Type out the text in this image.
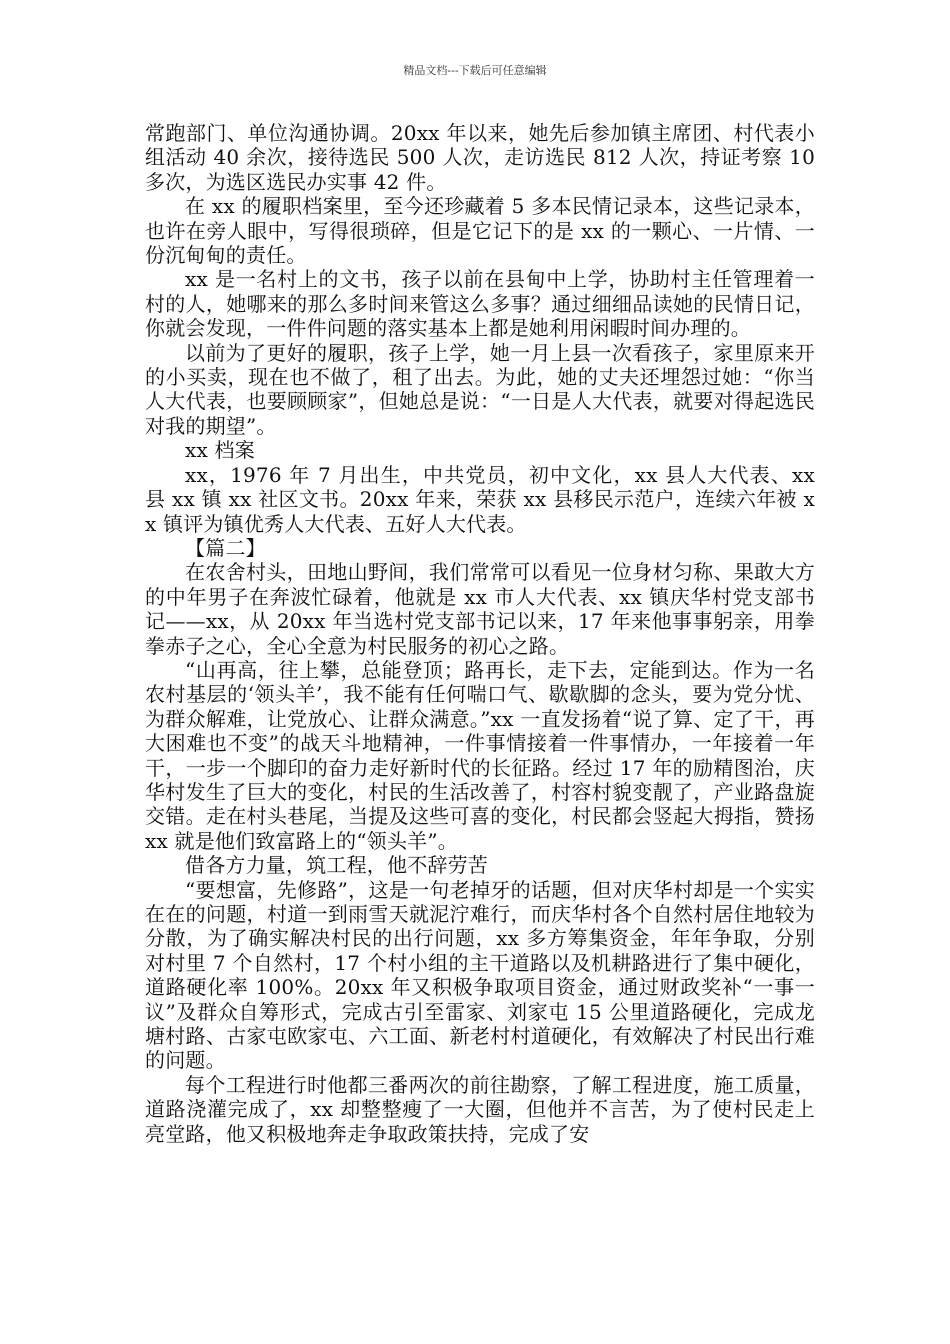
精品文档---下载后可任意编辑

常跑部门、单位沟通协调。20xx 年以来，她先后参加镇主席团、村代表小组活动 40 余次，接待选民 500 人次，走访选民 812 人次，持证考察 10 多次，为选区选民办实事 42 件。

在 xx 的履职档案里，至今还珍藏着 5 多本民情记录本，这些记录本，也许在旁人眼中，写得很琐碎，但是它记下的是 xx 的一颗心、一片情、一份沉甸甸的责任。

xx 是一名村上的文书，孩子以前在县甸中上学，协助村主任管理着一村的人，她哪来的那么多时间来管这么多事？通过细细品读她的民情日记，你就会发现，一件件问题的落实基本上都是她利用闲暇时间办理的。

以前为了更好的履职，孩子上学，她一月上县一次看孩子，家里原来开的小买卖，现在也不做了，租了出去。为此，她的丈夫还埋怨过她：“你当人大代表，也要顾顾家”，但她总是说：“一日是人大代表，就要对得起选民对我的期望”。

xx 档案

xx，1976 年 7 月出生，中共党员，初中文化，xx 县人大代表、xx 县 xx 镇 xx 社区文书。20xx 年来，荣获 xx 县移民示范户，连续六年被 xx 镇评为镇优秀人大代表、五好人大代表。

【篇二】

在农舍村头，田地山野间，我们常常可以看见一位身材匀称、果敢大方的中年男子在奔波忙碌着，他就是 xx 市人大代表、xx 镇庆华村党支部书记——xx，从 20xx 年当选村党支部书记以来，17 年来他事事躬亲，用拳拳赤子之心，全心全意为村民服务的初心之路。

“山再高，往上攀，总能登顶；路再长，走下去，定能到达。作为一名农村基层的‘领头羊’，我不能有任何喘口气、歇歇脚的念头，要为党分忧、为群众解难，让党放心、让群众满意。”xx 一直发扬着“说了算、定了干，再大困难也不变”的战天斗地精神，一件事情接着一件事情办，一年接着一年干，一步一个脚印的奋力走好新时代的长征路。经过 17 年的励精图治，庆华村发生了巨大的变化，村民的生活改善了，村容村貌变靓了，产业路盘旋交错。走在村头巷尾，当提及这些可喜的变化，村民都会竖起大拇指，赞扬 xx 就是他们致富路上的“领头羊”。

借各方力量，筑工程，他不辞劳苦

“要想富，先修路”，这是一句老掉牙的话题，但对庆华村却是一个实实在在的问题，村道一到雨雪天就泥泞难行，而庆华村各个自然村居住地较为分散，为了确实解决村民的出行问题，xx 多方筹集资金，年年争取，分别对村里 7 个自然村，17 个村小组的主干道路以及机耕路进行了集中硬化，道路硬化率 100%。20xx 年又积极争取项目资金，通过财政奖补“一事一议”及群众自筹形式，完成古引至雷家、刘家屯 15 公里道路硬化，完成龙塘村路、古家屯欧家屯、六工面、新老村村道硬化，有效解决了村民出行难的问题。

每个工程进行时他都三番两次的前往勘察，了解工程进度，施工质量，道路浇灌完成了，xx 却整整瘦了一大圈，但他并不言苦，为了使村民走上亮堂路，他又积极地奔走争取政策扶持，完成了安
